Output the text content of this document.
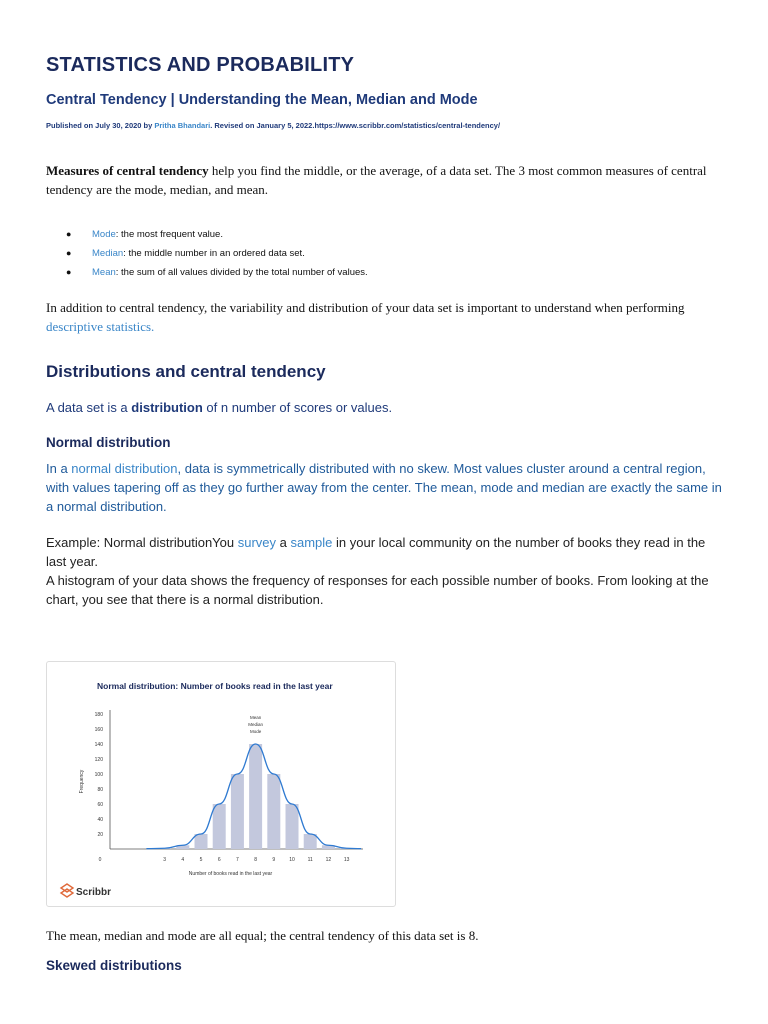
STATISTICS AND PROBABILITY
Central Tendency | Understanding the Mean, Median and Mode
Published on July 30, 2020 by Pritha Bhandari. Revised on January 5, 2022.https://www.scribbr.com/statistics/central-tendency/
Measures of central tendency help you find the middle, or the average, of a data set. The 3 most common measures of central tendency are the mode, median, and mean.
● Mode: the most frequent value.
● Median: the middle number in an ordered data set.
● Mean: the sum of all values divided by the total number of values.
In addition to central tendency, the variability and distribution of your data set is important to understand when performing descriptive statistics.
Distributions and central tendency
A data set is a distribution of n number of scores or values.
Normal distribution
In a normal distribution, data is symmetrically distributed with no skew. Most values cluster around a central region, with values tapering off as they go further away from the center. The mean, mode and median are exactly the same in a normal distribution.
Example: Normal distributionYou survey a sample in your local community on the number of books they read in the last year.
A histogram of your data shows the frequency of responses for each possible number of books. From looking at the chart, you see that there is a normal distribution.
Normal distribution: Number of books read in the last year
20
40
60
80
100
120
140
160
180
0
Frequency
3	4	5	6	7	8	9	10	11	12	13
Mean
Median
Mode
Number of books read in the last year
Scribbr
The mean, median and mode are all equal; the central tendency of this data set is 8.
Skewed distributions
